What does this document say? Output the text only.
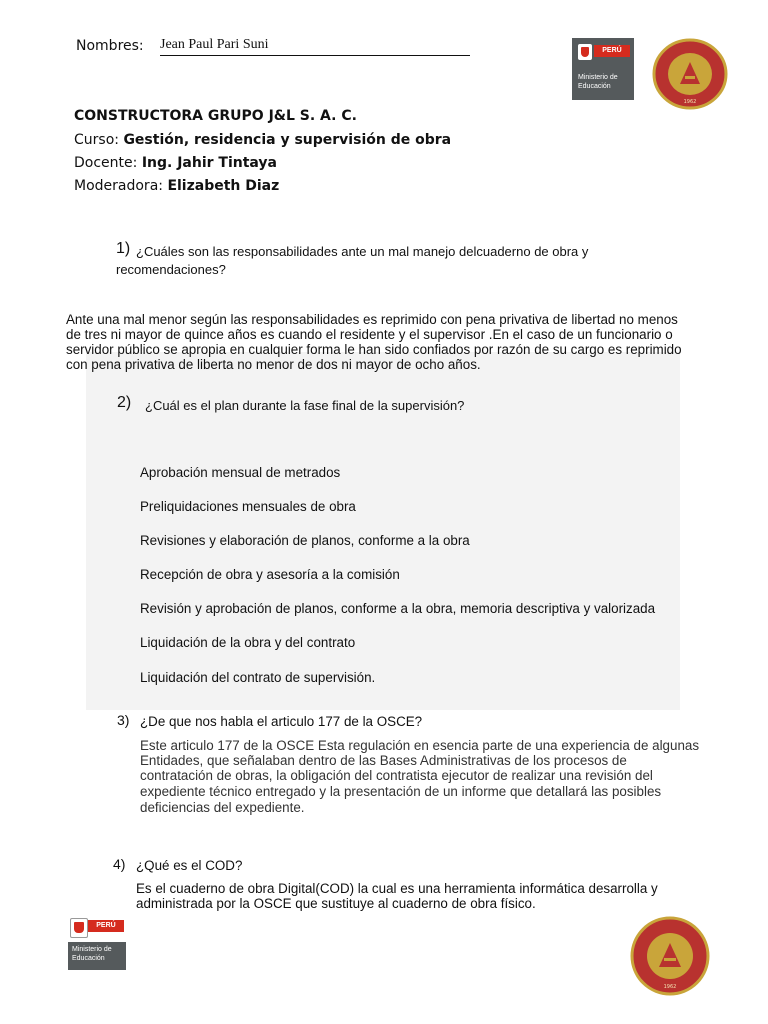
Nombres: Jean Paul Pari Suni
CONSTRUCTORA GRUPO J&L S. A. C.
Curso: Gestión, residencia y supervisión de obra
Docente: Ing. Jahir Tintaya
Moderadora: Elizabeth Diaz
PERÚ
Ministerio de
Educación
1962
1) ¿Cuáles son las responsabilidades ante un mal manejo delcuaderno de obra y
recomendaciones?
Ante una mal menor según las responsabilidades es reprimido con pena privativa de libertad no menos
de tres ni mayor de quince años es cuando el residente y el supervisor .En el caso de un funcionario o
servidor público se apropia en cualquier forma le han sido confiados por razón de su cargo es reprimido
con pena privativa de liberta no menor de dos ni mayor de ocho años.
2) ¿Cuál es el plan durante la fase final de la supervisión?
Aprobación mensual de metrados
Preliquidaciones mensuales de obra
Revisiones y elaboración de planos, conforme a la obra
Recepción de obra y asesoría a la comisión
Revisión y aprobación de planos, conforme a la obra, memoria descriptiva y valorizada
Liquidación de la obra y del contrato
Liquidación del contrato de supervisión.
3) ¿De que nos habla el articulo 177 de la OSCE?
Este articulo 177 de la OSCE Esta regulación en esencia parte de una experiencia de algunas
Entidades, que señalaban dentro de las Bases Administrativas de los procesos de
contratación de obras, la obligación del contratista ejecutor de realizar una revisión del
expediente técnico entregado y la presentación de un informe que detallará las posibles
deficiencias del expediente.
4) ¿Qué es el COD?
Es el cuaderno de obra Digital(COD) la cual es una herramienta informática desarrolla y
administrada por la OSCE que sustituye al cuaderno de obra físico.
PERÚ
Ministerio de
Educación
1962
